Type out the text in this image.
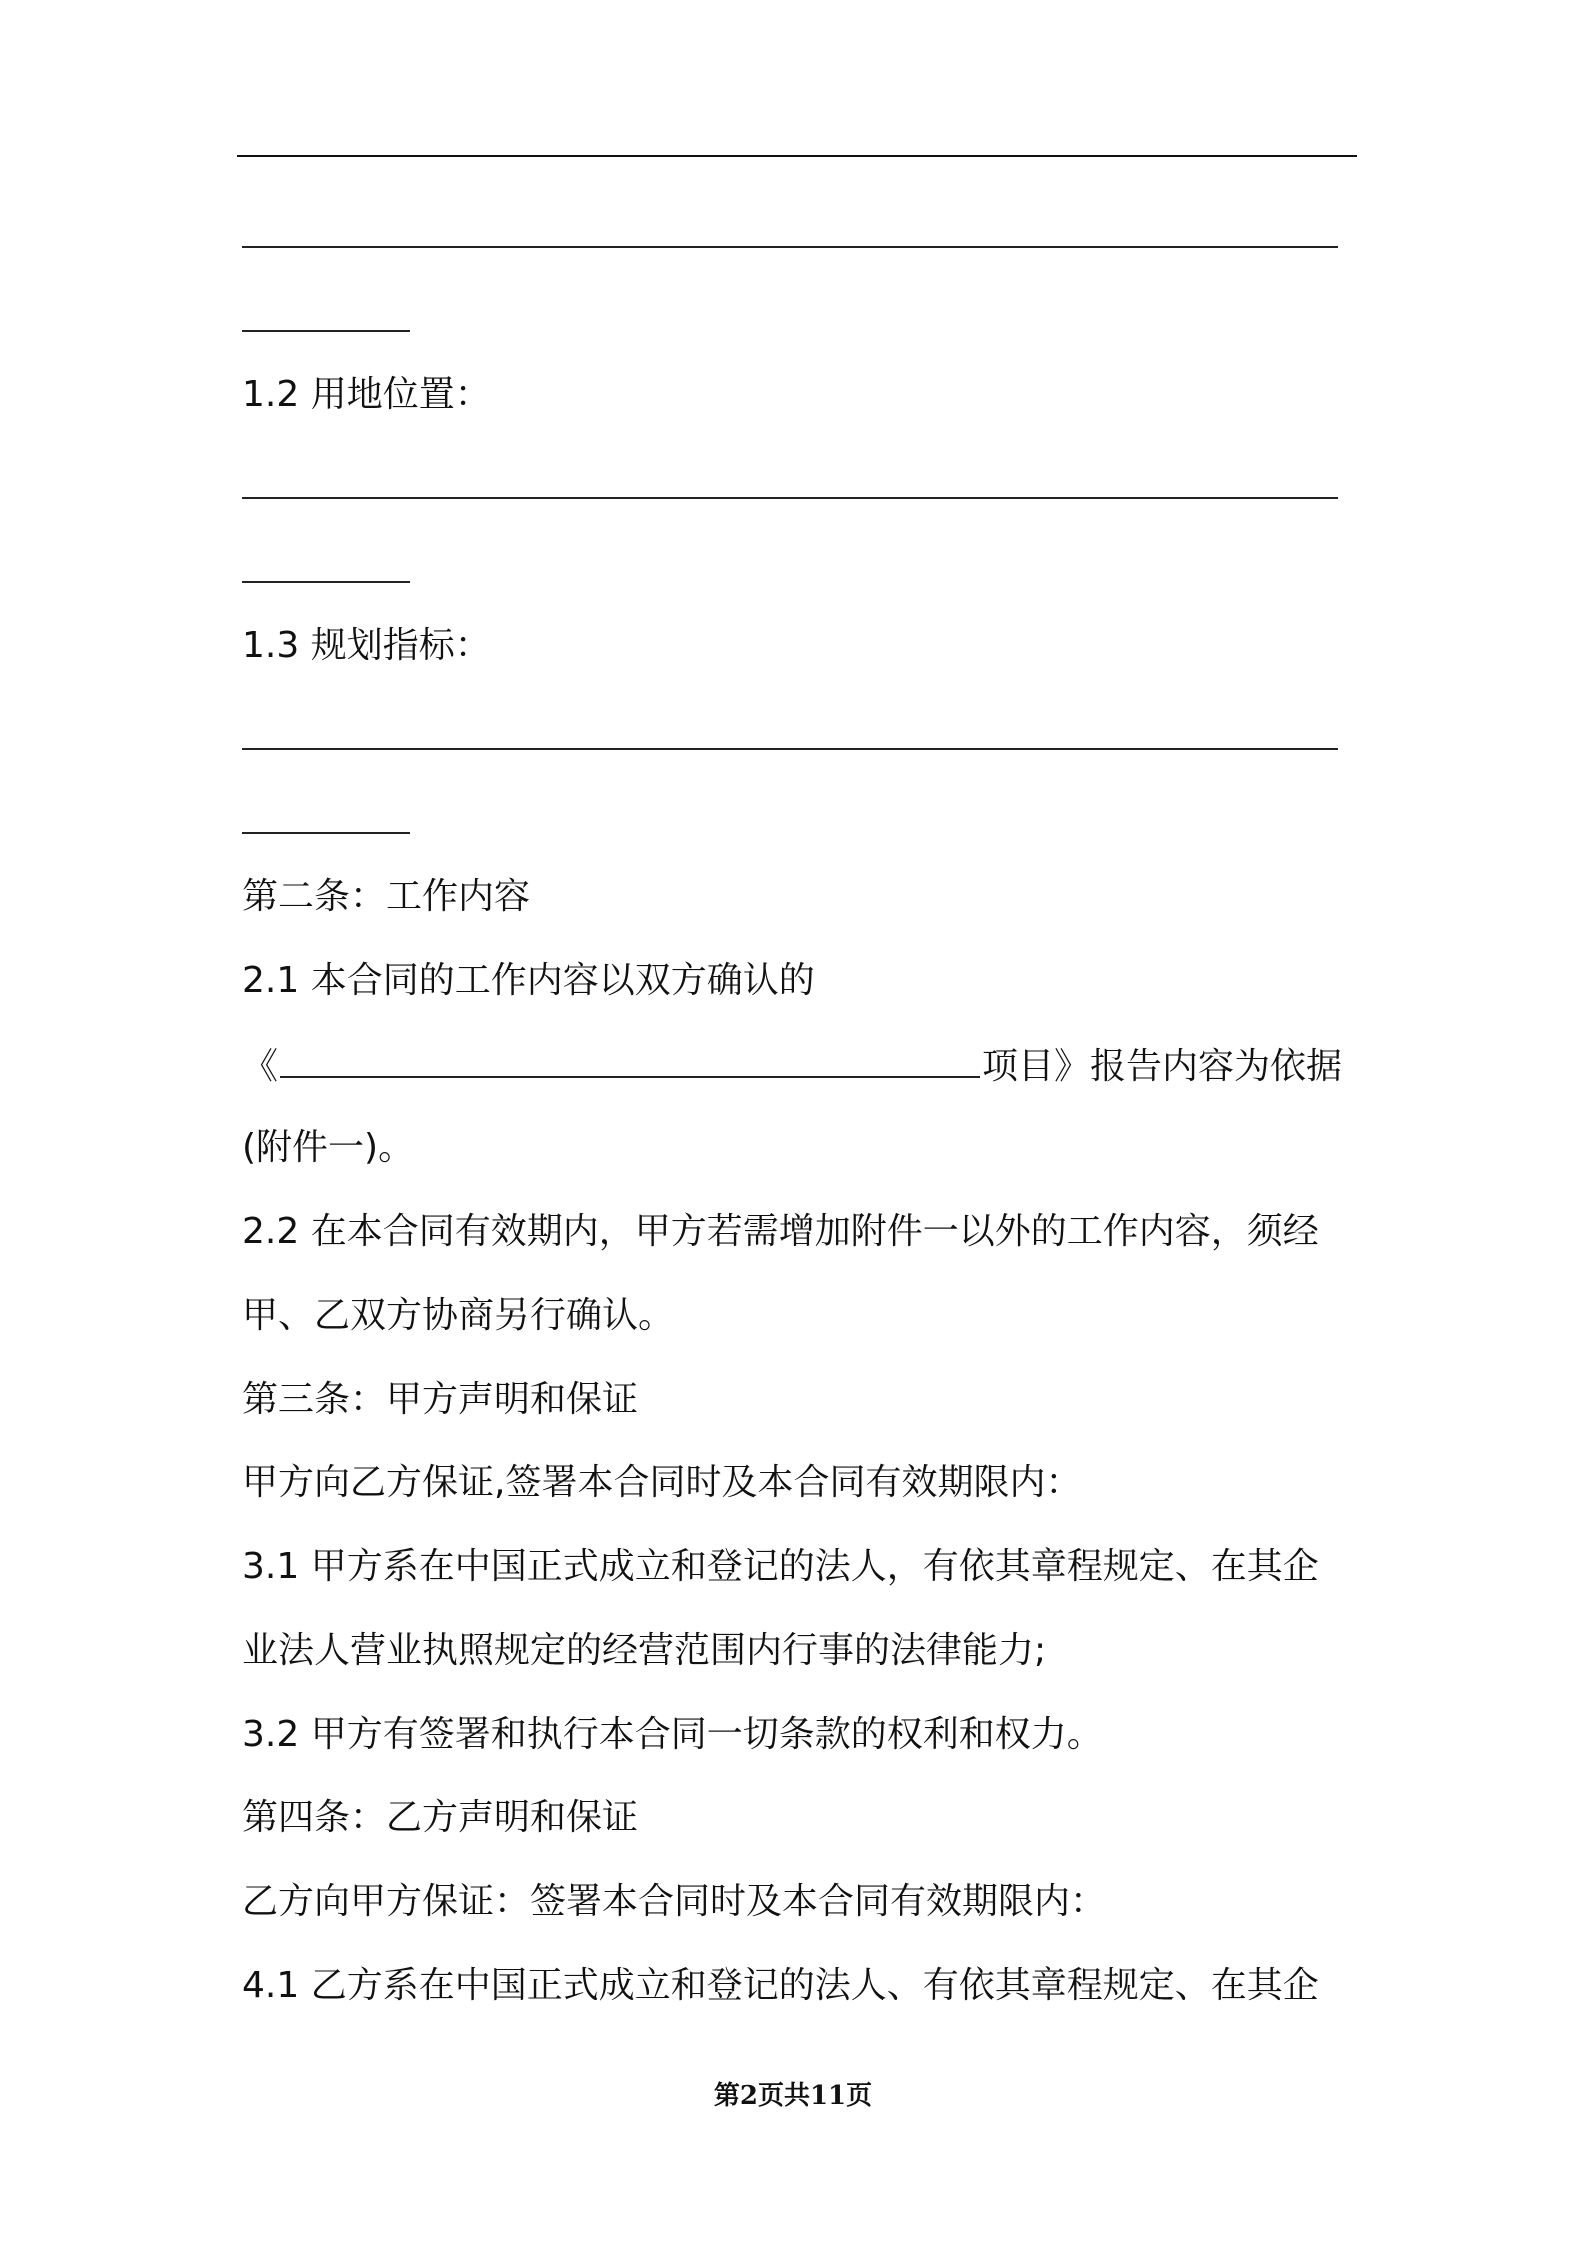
1.2 用地位置：
1.3 规划指标：
第二条：工作内容
2.1 本合同的工作内容以双方确认的
《	项目》报告内容为依据
(附件一)。
2.2 在本合同有效期内，甲方若需增加附件一以外的工作内容，须经
甲、乙双方协商另行确认。
第三条：甲方声明和保证
甲方向乙方保证,签署本合同时及本合同有效期限内：
3.1 甲方系在中国正式成立和登记的法人，有依其章程规定、在其企
业法人营业执照规定的经营范围内行事的法律能力;
3.2 甲方有签署和执行本合同一切条款的权利和权力。
第四条：乙方声明和保证
乙方向甲方保证：签署本合同时及本合同有效期限内：
4.1 乙方系在中国正式成立和登记的法人、有依其章程规定、在其企
第2页共11页
